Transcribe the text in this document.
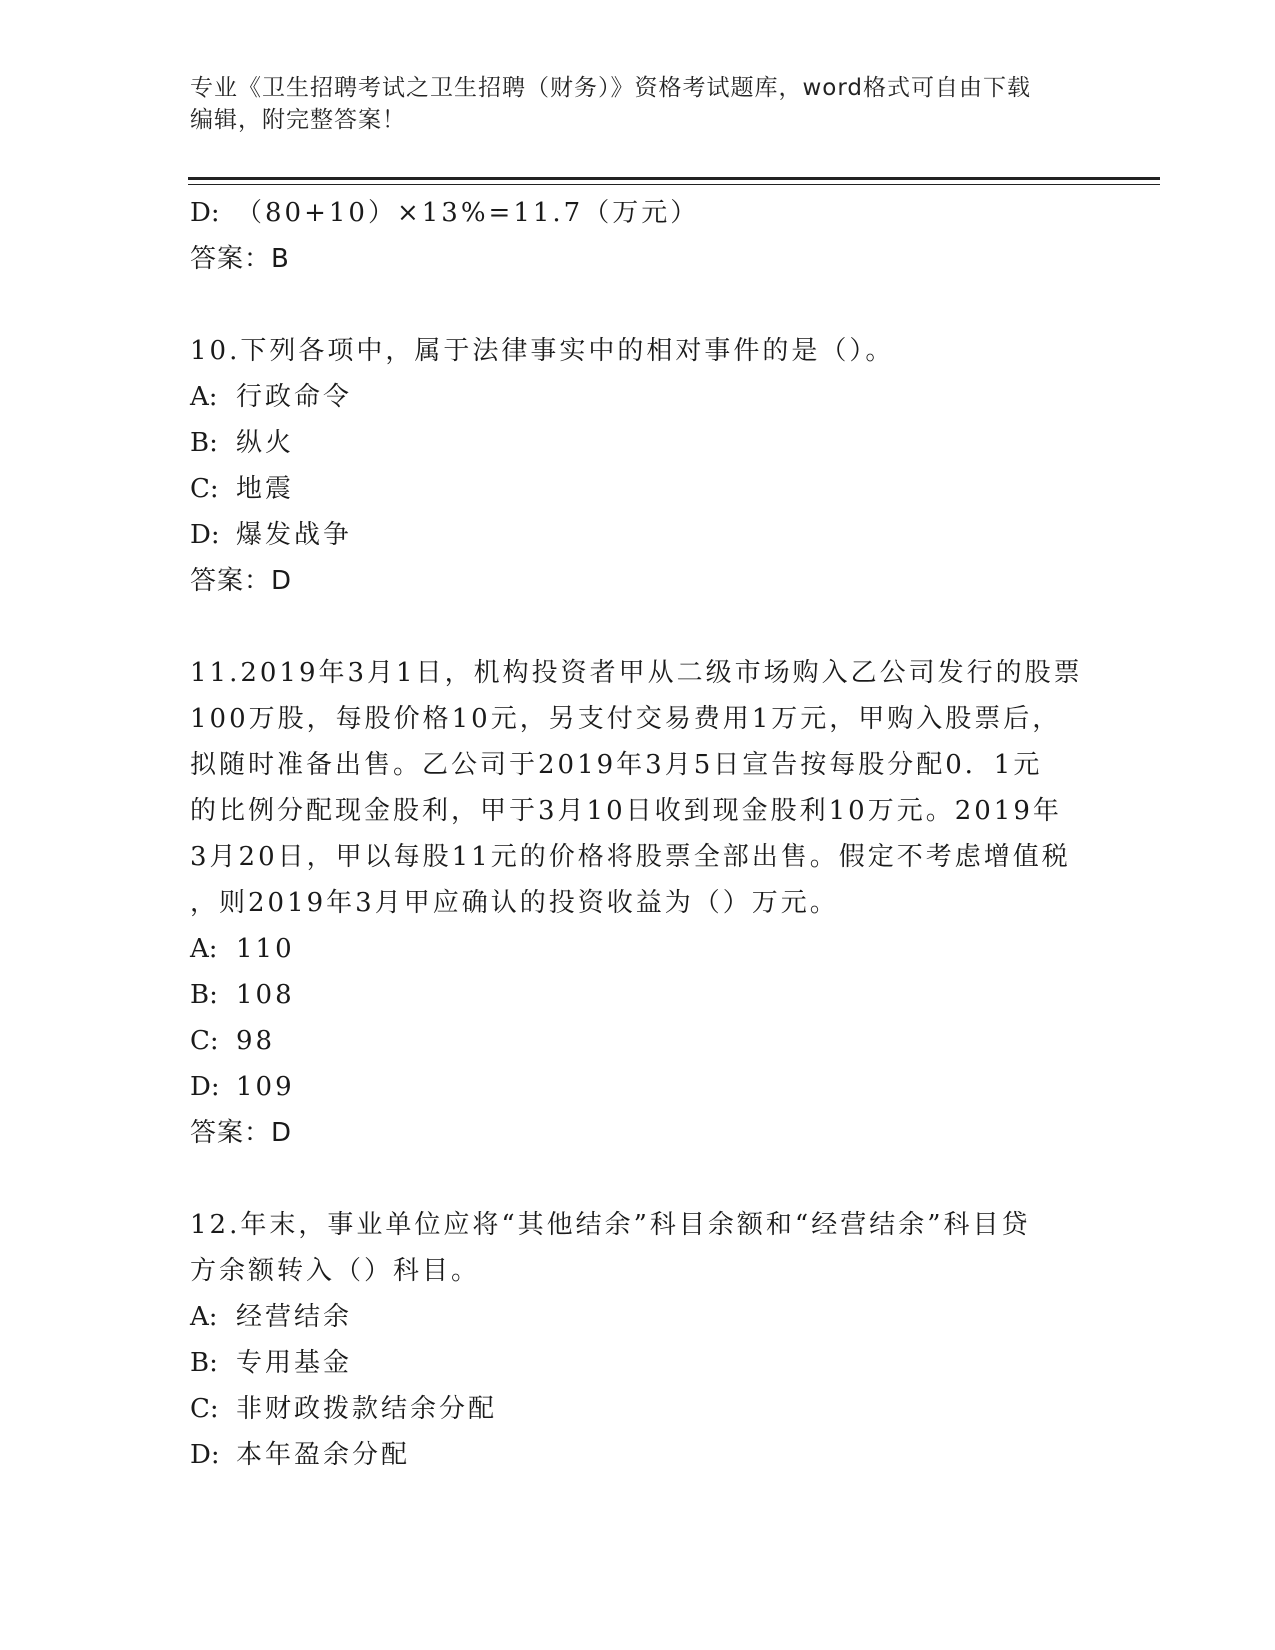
专业《卫生招聘考试之卫生招聘（财务）》资格考试题库，word格式可自由下载
编辑，附完整答案！
D: （80+10）×13%=11.7（万元）
答案：B
10.下列各项中，属于法律事实中的相对事件的是（）。
A: 行政命令
B: 纵火
C: 地震
D: 爆发战争
答案：D
11.2019年3月1日，机构投资者甲从二级市场购入乙公司发行的股票
100万股，每股价格10元，另支付交易费用1万元，甲购入股票后，
拟随时准备出售。乙公司于2019年3月5日宣告按每股分配0．1元
的比例分配现金股利，甲于3月10日收到现金股利10万元。2019年
3月20日，甲以每股11元的价格将股票全部出售。假定不考虑增值税
，则2019年3月甲应确认的投资收益为（）万元。
A: 110
B: 108
C: 98
D: 109
答案：D
12.年末，事业单位应将“其他结余”科目余额和“经营结余”科目贷
方余额转入（）科目。
A: 经营结余
B: 专用基金
C: 非财政拨款结余分配
D: 本年盈余分配
